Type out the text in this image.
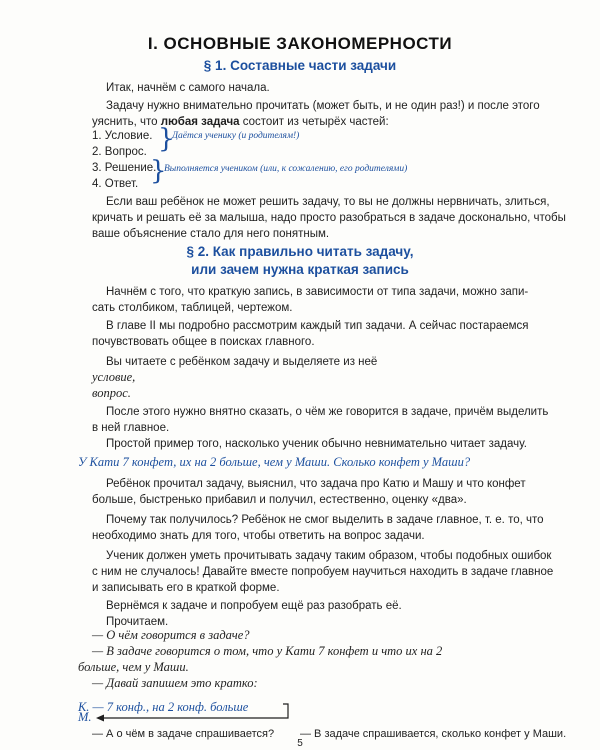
I. ОСНОВНЫЕ ЗАКОНОМЕРНОСТИ
§ 1. Составные части задачи
Итак, начнём с самого начала.
Задачу нужно внимательно прочитать (может быть, и не один раз!) и после этого
уяснить, что любая задача состоит из четырёх частей:
1. Условие.
2. Вопрос. }
Даётся ученику (и родителям!)
3. Решение.
4. Ответ. }
Выполняется учеником (или, к сожалению, его родителями)
Если ваш ребёнок не может решить задачу, то вы не должны нервничать, злиться,
кричать и решать её за малыша, надо просто разобраться в задаче досконально, чтобы
ваше объяснение стало для него понятным.
§ 2. Как правильно читать задачу,
или зачем нужна краткая запись
Начнём с того, что краткую запись, в зависимости от типа задачи, можно запи-
сать столбиком, таблицей, чертежом.
В главе II мы подробно рассмотрим каждый тип задачи. А сейчас постараемся
почувствовать общее в поисках главного.
Вы читаете с ребёнком задачу и выделяете из неё
условие,
вопрос.
После этого нужно внятно сказать, о чём же говорится в задаче, причём выделить
в ней главное.
Простой пример того, насколько ученик обычно невнимательно читает задачу.
У Кати 7 конфет, их на 2 больше, чем у Маши. Сколько конфет у Маши?
Ребёнок прочитал задачу, выяснил, что задача про Катю и Машу и что конфет
больше, быстренько прибавил и получил, естественно, оценку «два».
Почему так получилось? Ребёнок не смог выделить в задаче главное, т. е. то, что
необходимо знать для того, чтобы ответить на вопрос задачи.
Ученик должен уметь прочитывать задачу таким образом, чтобы подобных ошибок
с ним не случалось! Давайте вместе попробуем научиться находить в задаче главное
и записывать его в краткой форме.
Вернёмся к задаче и попробуем ещё раз разобрать её.
Прочитаем.
— О чём говорится в задаче?
— В задаче говорится о том, что у Кати 7 конфет и что их на 2
больше, чем у Маши.
— Давай запишем это кратко:
К. — 7 конф., на 2 конф. больше
5
М.
— А о чём в задаче спрашивается? — В задаче спрашивается, сколько конфет у Маши.
